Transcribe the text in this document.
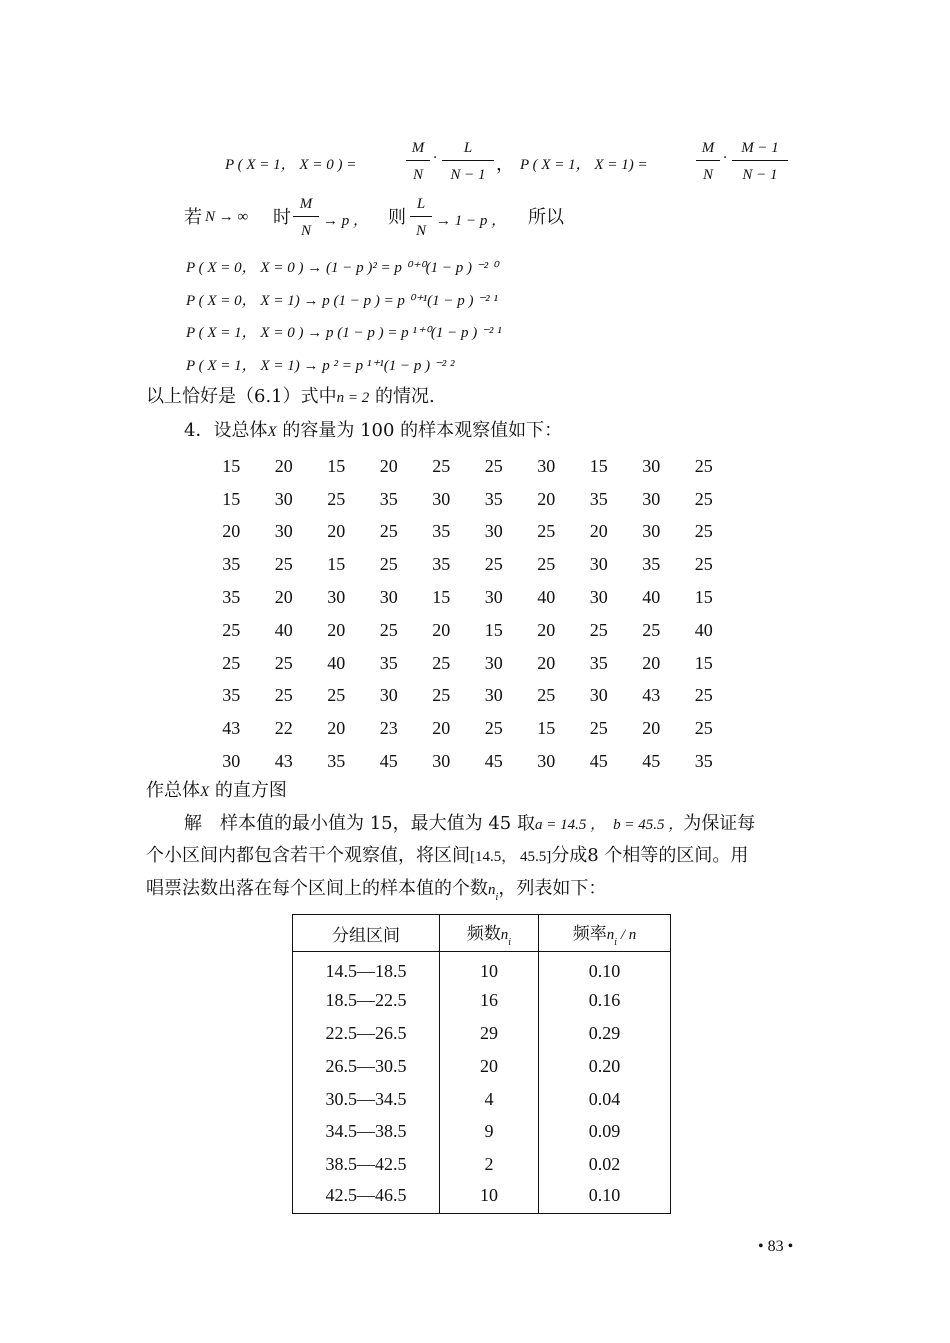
P ( X = 1， X = 0 ) =	$\frac{M}{N} \cdot \frac{L}{N - 1}$ ， P ( X = 1， X = 1) =	$\frac{M}{N} \cdot \frac{M - 1}{N - 1}$
若 N → ∞ 时 $\frac{M}{N} \to p$ ， 则 $\frac{L}{N} \to 1 - p$ ， 所以
P ( X = 0， X = 0 ) → (1 − p )² = p ⁰⁺⁰(1 − p ) ⁻² ⁰
P ( X = 0， X = 1) → p (1 − p ) = p ⁰⁺¹(1 − p ) ⁻² ¹
P ( X = 1， X = 0 ) → p (1 − p ) = p ¹⁺⁰(1 − p ) ⁻² ¹
P ( X = 1， X = 1) → p ² = p ¹⁺¹(1 − p ) ⁻² ²
以上恰好是（6.1）式中n = 2 的情况.
4．设总体X 的容量为 100 的样本观察值如下：
15	20	15	20	25	25	30	15	30	25
15	30	25	35	30	35	20	35	30	25
20	30	20	25	35	30	25	20	30	25
35	25	15	25	35	25	25	30	35	25
35	20	30	30	15	30	40	30	40	15
25	40	20	25	20	15	20	25	25	40
25	25	40	35	25	30	20	35	20	15
35	25	25	30	25	30	25	30	43	25
43	22	20	23	20	25	15	25	20	25
30	43	35	45	30	45	30	45	45	35
作总体X 的直方图
解　样本值的最小值为 15，最大值为 45 取a = 14.5 ， b = 45.5 ，为保证每
个小区间内都包含若干个观察值，将区间[14.5， 45.5]分成8 个相等的区间。用
唱票法数出落在每个区间上的样本值的个数$n_i$，列表如下：
分组区间	频数$n_i$	频率$n_i$ / n
14.5—18.5	10	0.10
18.5—22.5	16	0.16
22.5—26.5	29	0.29
26.5—30.5	20	0.20
30.5—34.5	4	0.04
34.5—38.5	9	0.09
38.5—42.5	2	0.02
42.5—46.5	10	0.10
• 83 •
